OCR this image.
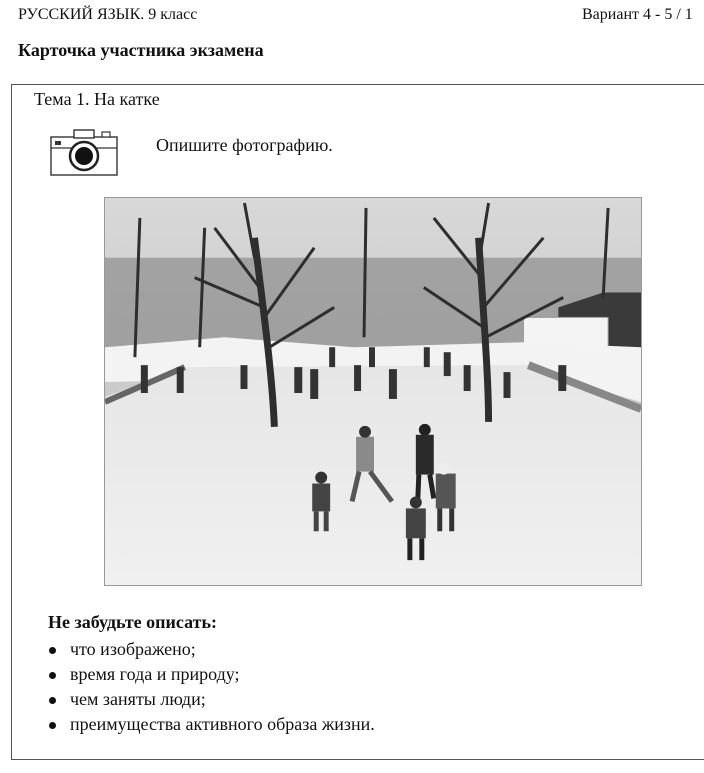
РУССКИЙ ЯЗЫК. 9 класс	Вариант 4 - 5 / 1
Карточка участника экзамена
Тема 1. На катке
Опишите фотографию.
Не забудьте описать:
что изображено;
время года и природу;
чем заняты люди;
преимущества активного образа жизни.
